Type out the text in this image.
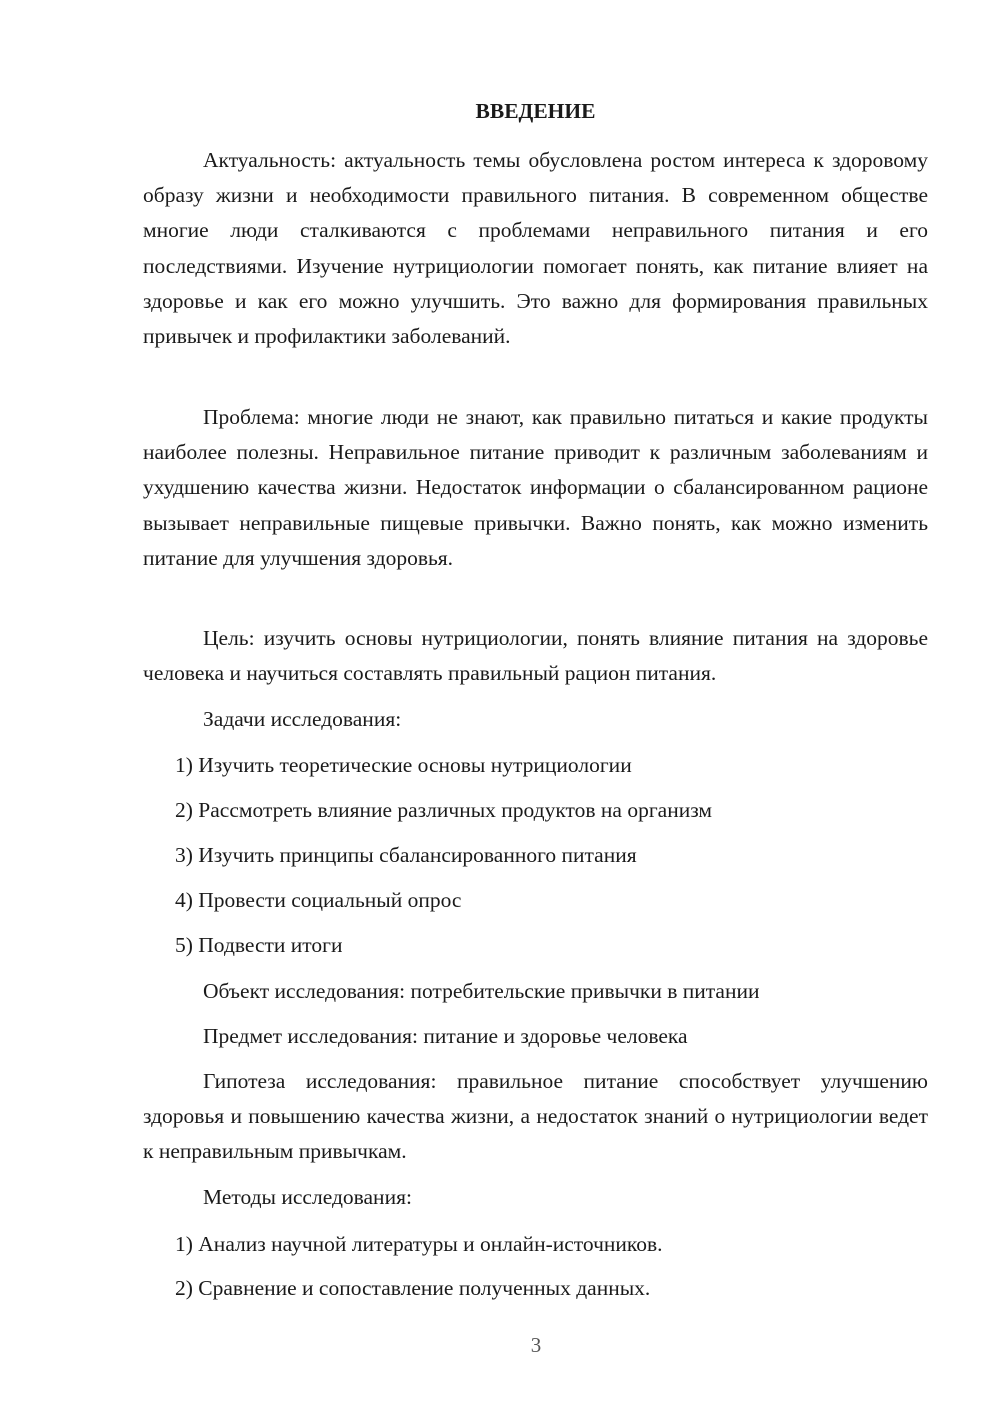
ВВЕДЕНИЕ

Актуальность: актуальность темы обусловлена ростом интереса к здоровому образу жизни и необходимости правильного питания. В современном обществе многие люди сталкиваются с проблемами неправильного питания и его последствиями. Изучение нутрициологии помогает понять, как питание влияет на здоровье и как его можно улучшить. Это важно для формирования правильных привычек и профилактики заболеваний.

Проблема: многие люди не знают, как правильно питаться и какие продукты наиболее полезны. Неправильное питание приводит к различным заболеваниям и ухудшению качества жизни. Недостаток информации о сбалансированном рационе вызывает неправильные пищевые привычки. Важно понять, как можно изменить питание для улучшения здоровья.

Цель: изучить основы нутрициологии, понять влияние питания на здоровье человека и научиться составлять правильный рацион питания.

Задачи исследования:

1) Изучить теоретические основы нутрициологии

2) Рассмотреть влияние различных продуктов на организм

3) Изучить принципы сбалансированного питания

4) Провести социальный опрос

5) Подвести итоги

Объект исследования: потребительские привычки в питании

Предмет исследования: питание и здоровье человека

Гипотеза исследования: правильное питание способствует улучшению здоровья и повышению качества жизни, а недостаток знаний о нутрициологии ведет к неправильным привычкам.

Методы исследования:

1) Анализ научной литературы и онлайн-источников.

2) Сравнение и сопоставление полученных данных.

3
